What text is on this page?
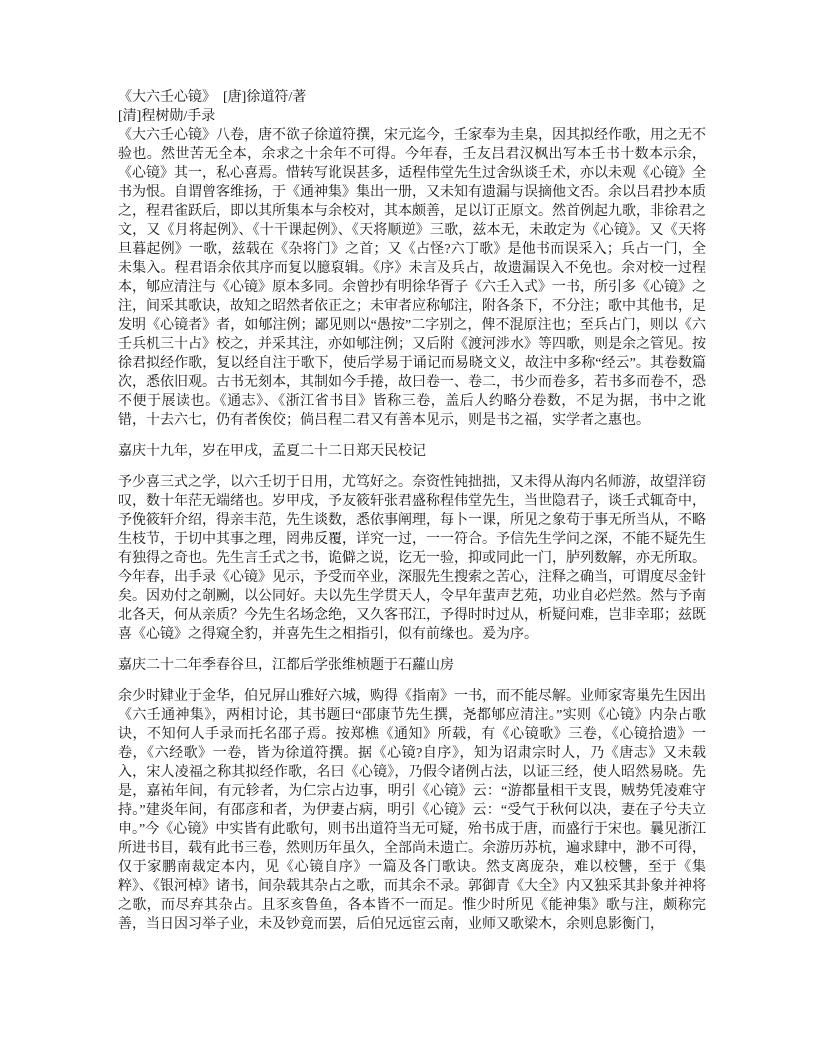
《大六壬心镜》　[唐]徐道符/著

[清]程树勋/手录

《大六壬心镜》八卷，唐不欲子徐道符撰，宋元迄今，壬家奉为圭臬，因其拟经作歌，用之无不验也。然世苦无全本，余求之十余年不可得。今年春，壬友吕君汉枫出写本壬书十数本示余，《心镜》其一，私心喜焉。惜转写讹误甚多，适程伟堂先生过舍纵谈壬术，亦以未观《心镜》全书为恨。自谓曾客维扬，于《通神集》集出一册，又未知有遗漏与误摘他文否。余以吕君抄本质之，程君雀跃后，即以其所集本与余校对，其本颇善，足以订正原文。然首例起九歌，非徐君之文，又《月将起例》、《十干课起例》、《天将顺逆》三歌，兹本无，未敢定为《心镜》。又《天将旦暮起例》一歌，兹载在《杂将门》之首；又《占怪?六丁歌》是他书而误采入；兵占一门，全未集入。程君语余依其序而复以臆裒辑。《序》未言及兵占，故遗漏误入不免也。余对校一过程本，郇应清注与《心镜》原本多同。余曾抄有明徐华胥子《六壬入式》一书，所引多《心镜》之注，间采其歌诀，故知之昭然者依正之；未审者应称郇注，附各条下，不分注；歌中其他书，足发明《心镜者》者，如郇注例；鄙见则以“愚按”二字别之，俾不混原注也；至兵占门，则以《六壬兵机三十占》校之，并采其注，亦如郇注例；又后附《渡河涉水》等四歌，则是余之管见。按徐君拟经作歌，复以经自注于歌下，使后学易于诵记而易晓文义，故注中多称“经云”。其卷数篇次，悉依旧观。古书无刻本，其制如今手捲，故曰卷一、卷二，书少而卷多，若书多而卷不，恐不便于展读也。《通志》、《浙江省书目》皆称三卷，盖后人约略分卷数，不足为据，书中之讹错，十去六七，仍有者俟佼；倘吕程二君又有善本见示，则是书之福，实学者之惠也。

嘉庆十九年，岁在甲戌，孟夏二十二日郑天民校记

予少喜三式之学，以六壬切于日用，尤笃好之。奈资性钝拙拙，又未得从海内名师游，故望洋窃叹，数十年茫无端绪也。岁甲戌，予友筱轩张君盛称程伟堂先生，当世隐君子，谈壬式辄奇中，予俛筱轩介绍，得亲丰范，先生谈数，悉依事阐理，每卜一课，所见之象苟于事无所当从，不略生枝节，于切中其事之理，罔弗反覆，详究一过，一一符合。予信先生学问之深，不能不疑先生有独得之奇也。先生言壬式之书，诡僻之说，讫无一验，抑或同此一门，胪列数解，亦无所取。今年春，出手录《心镜》见示，予受而卒业，深服先生搜索之苦心，注释之确当，可谓度尽金针矣。因劝付之剞劂，以公同好。夫以先生学贯天人，令早年蜚声艺苑，功业自必烂然。然与予南北各天，何从亲质？今先生名场念绝，又久客邗江，予得时时过从，析疑问难，岂非幸耶；兹既喜《心镜》之得窥全豹，并喜先生之相指引，似有前缘也。爰为序。

嘉庆二十二年季春谷旦，江都后学张维桢题于石蘿山房

余少时肄业于金华，伯兄屏山雅好六城，购得《指南》一书，而不能尽解。业师家寄巢先生因出《六壬通神集》，两相讨论，其书题曰“邵康节先生撰，尧都郇应清注。”实则《心镜》内杂占歌诀，不知何人手录而托名邵子焉。按郑樵《通知》所载，有《心镜歌》三卷，《心镜拾遗》一卷，《六经歌》一卷，皆为徐道符撰。据《心镜?自序》，知为诏肃宗时人，乃《唐志》又未载入，宋人凌福之称其拟经作歌，名曰《心镜》，乃假令诸例占法，以证三经，使人昭然易晓。先是，嘉祐年间，有元轸者，为仁宗占边事，明引《心镜》云：“游都量相干支畏，贼势凭凌难守持。”建炎年间，有邵彦和者，为伊妻占病，明引《心镜》云：“受气于秋何以决，妻在子兮夫立申。”今《心镜》中实皆有此歌句，则书出道符当无可疑，殆书成于唐，而盛行于宋也。曩见浙江所进书目，载有此书三卷，然则历年虽久，全部尚未遗亡。余游历苏杭，遍求肆中，渺不可得，仅于家鹏南裁定本内，见《心镜自序》一篇及各门歌诀。然支离庞杂，难以校讐，至于《集粹》、《银河棹》诸书，间杂载其杂占之歌，而其余不录。郭御青《大全》内又独采其卦象并神将之歌，而尽弃其杂占。且豕亥鲁鱼，各本皆不一而足。惟少时所见《能神集》歌与注，颇称完善，当日因习举子业，未及钞竟而罢，后伯兄远宦云南，业师又歌梁木，余则息影衡门，
